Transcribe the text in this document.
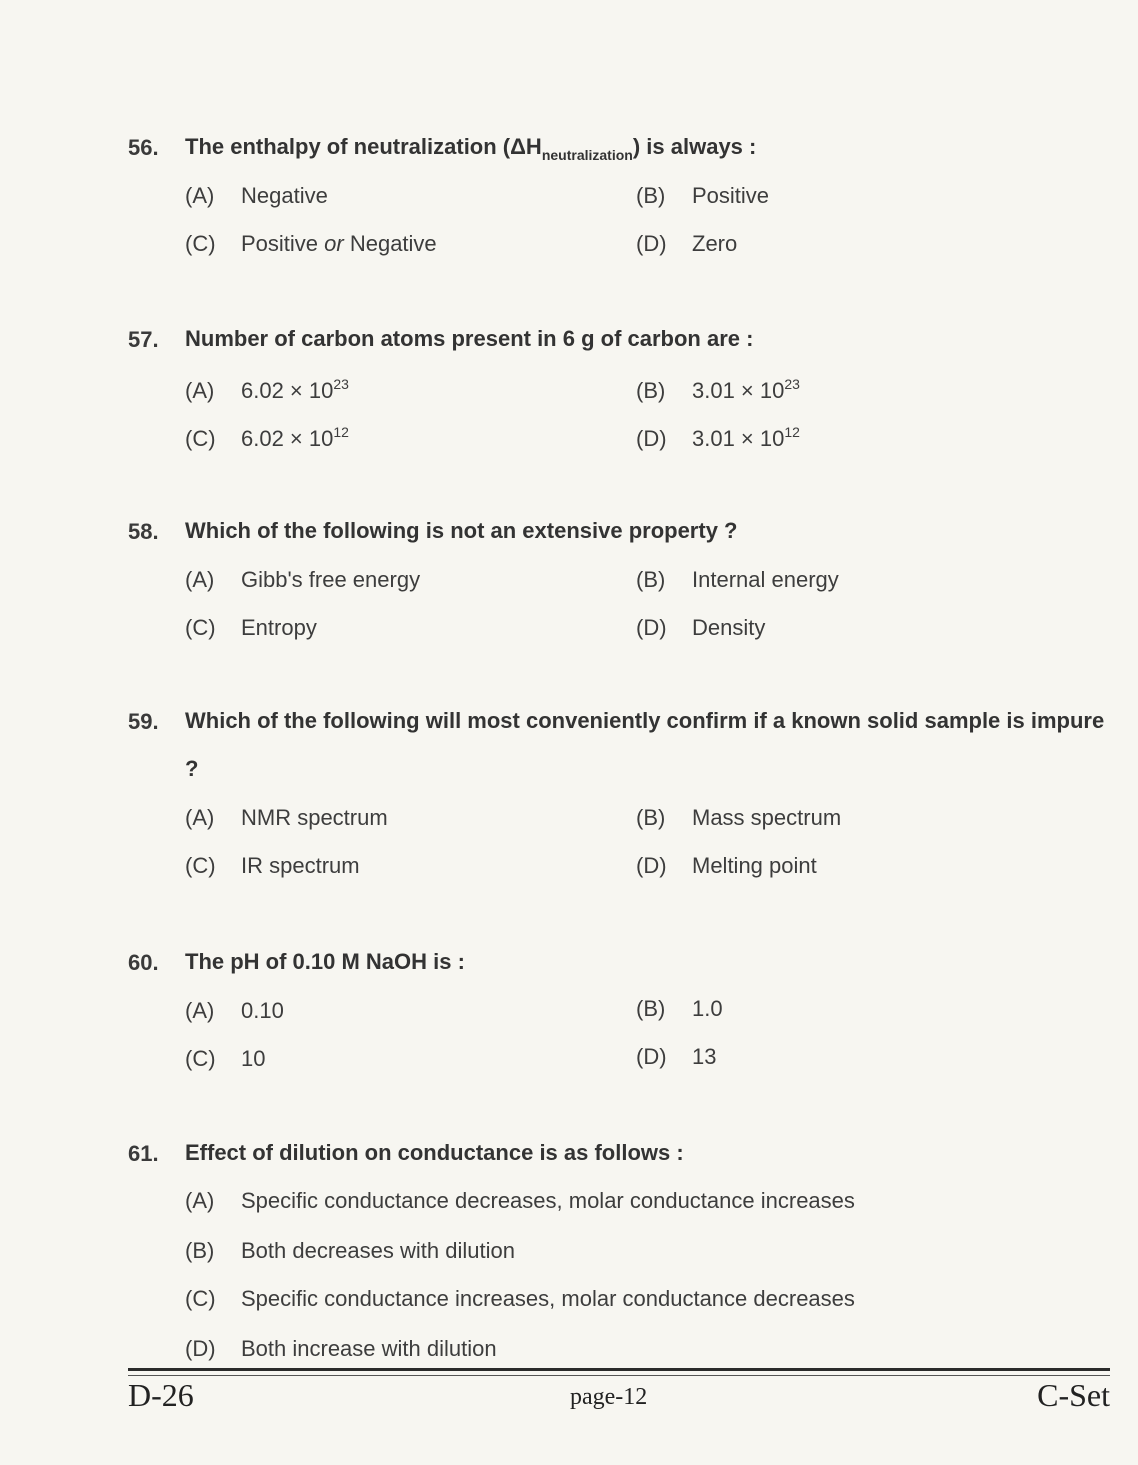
56. The enthalpy of neutralization $(\Delta H_{neutralization})$ is always :
(A) Negative	(B) Positive
(C) Positive or Negative	(D) Zero
57. Number of carbon atoms present in 6 g of carbon are :
(A) $6.02 \times 10^{23}$	(B) $3.01 \times 10^{23}$
(C) $6.02 \times 10^{12}$	(D) $3.01 \times 10^{12}$
58. Which of the following is not an extensive property ?
(A) Gibb's free energy	(B) Internal energy
(C) Entropy	(D) Density
59. Which of the following will most conveniently confirm if a known solid sample is impure ?
(A) NMR spectrum	(B) Mass spectrum
(C) IR spectrum	(D) Melting point
60. The pH of 0.10 M NaOH is :
(A) 0.10	(B) 1.0
(C) 10	(D) 13
61. Effect of dilution on conductance is as follows :
(A) Specific conductance decreases, molar conductance increases
(B) Both decreases with dilution
(C) Specific conductance increases, molar conductance decreases
(D) Both increase with dilution
D-26	page-12	C-Set
